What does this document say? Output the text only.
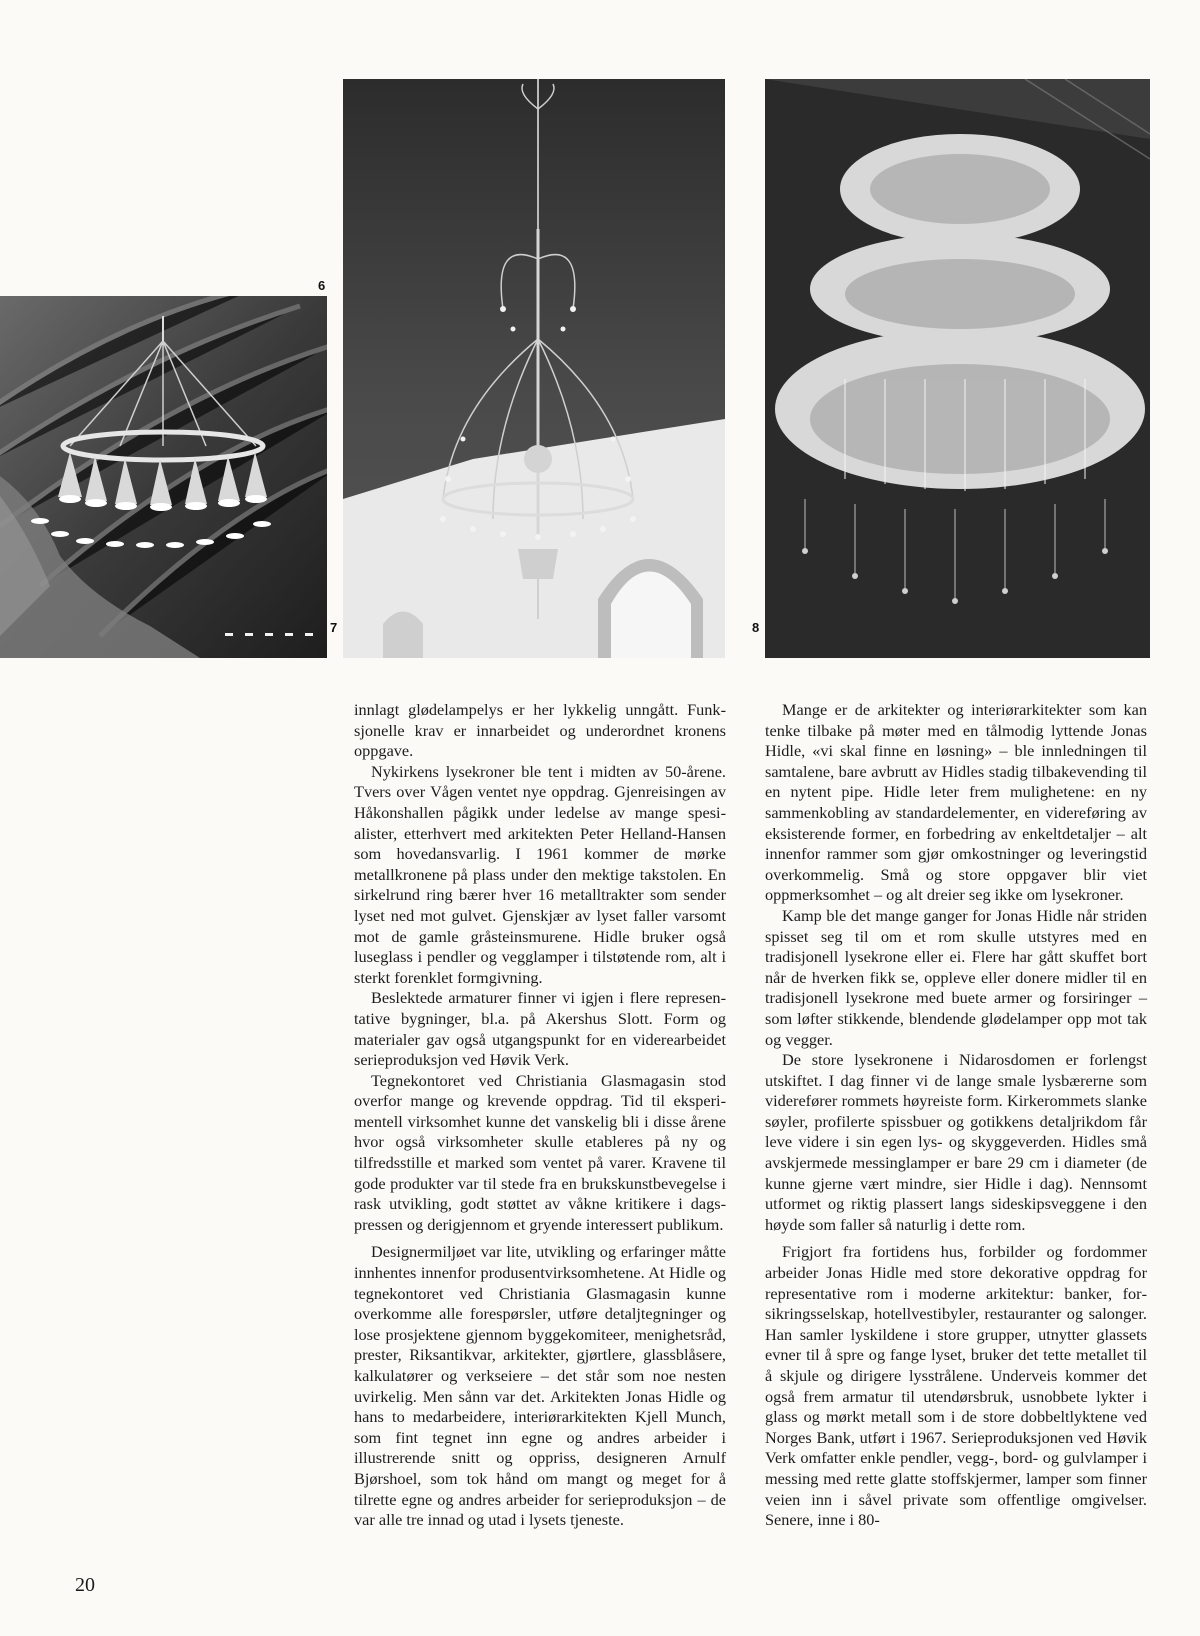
6
7	8

innlagt glødelampelys er her lykkelig unngått. Funksjonelle krav er innarbeidet og underordnet kronens oppgave.

Nykirkens lysekroner ble tent i midten av 50-årene. Tvers over Vågen ventet nye oppdrag. Gjenreisingen av Håkonshallen pågikk under ledelse av mange spesialister, etterhvert med arkitekten Peter Helland-Hansen som hovedansvarlig. I 1961 kommer de mørke metallkronene på plass under den mektige takstolen. En sirkelrund ring bærer hver 16 metalltrakter som sender lyset ned mot gulvet. Gjenskjær av lyset faller varsomt mot de gamle gråsteinsmurene. Hidle bruker også luseglass i pendler og vegglamper i tilstøtende rom, alt i sterkt forenklet formgivning.

Beslektede armaturer finner vi igjen i flere representative bygninger, bl.a. på Akershus Slott. Form og materialer gav også utgangspunkt for en viderearbeidet serieproduksjon ved Høvik Verk.

Tegnekontoret ved Christiania Glasmagasin stod overfor mange og krevende oppdrag. Tid til eksperimentell virksomhet kunne det vanskelig bli i disse årene hvor også virksomheter skulle etableres på ny og tilfredsstille et marked som ventet på varer. Kravene til gode produkter var til stede fra en brukskunstbevegelse i rask utvikling, godt støttet av våkne kritikere i dagspressen og derigjennom et gryende interessert publikum.

Designermiljøet var lite, utvikling og erfaringer måtte innhentes innenfor produsentvirksomhetene. At Hidle og tegnekontoret ved Christiania Glasmagasin kunne overkomme alle forespørsler, utføre detaljtegninger og lose prosjektene gjennom byggekomiteer, menighetsråd, prester, Riksantikvar, arkitekter, gjørtlere, glassblåsere, kalkulatører og verkseiere – det står som noe nesten uvirkelig. Men sånn var det. Arkitekten Jonas Hidle og hans to medarbeidere, interiørarkitekten Kjell Munch, som fint tegnet inn egne og andres arbeider i illustrerende snitt og oppriss, designeren Arnulf Bjørshoel, som tok hånd om mangt og meget for å tilrette egne og andres arbeider for serieproduksjon – de var alle tre innad og utad i lysets tjeneste.

Mange er de arkitekter og interiørarkitekter som kan tenke tilbake på møter med en tålmodig lyttende Jonas Hidle, «vi skal finne en løsning» – ble innledningen til samtalene, bare avbrutt av Hidles stadig tilbakevending til en nytent pipe. Hidle leter frem mulighetene: en ny sammenkobling av standardelementer, en videreføring av eksisterende former, en forbedring av enkeltdetaljer – alt innenfor rammer som gjør omkostninger og leveringstid overkommelig. Små og store oppgaver blir viet oppmerksomhet – og alt dreier seg ikke om lysekroner.

Kamp ble det mange ganger for Jonas Hidle når striden spisset seg til om et rom skulle utstyres med en tradisjonell lysekrone eller ei. Flere har gått skuffet bort når de hverken fikk se, oppleve eller donere midler til en tradisjonell lysekrone med buete armer og forsiringer – som løfter stikkende, blendende glødelamper opp mot tak og vegger.

De store lysekronene i Nidarosdomen er forlengst utskiftet. I dag finner vi de lange smale lysbærerne som viderefører rommets høyreiste form. Kirkerommets slanke søyler, profilerte spissbuer og gotikkens detaljrikdom får leve videre i sin egen lys- og skyggeverden. Hidles små avskjermede messinglamper er bare 29 cm i diameter (de kunne gjerne vært mindre, sier Hidle i dag). Nennsomt utformet og riktig plassert langs sideskipsveggene i den høyde som faller så naturlig i dette rom.

Frigjort fra fortidens hus, forbilder og fordommer arbeider Jonas Hidle med store dekorative oppdrag for representative rom i moderne arkitektur: banker, forsikringsselskap, hotellvestibyler, restauranter og salonger. Han samler lyskildene i store grupper, utnytter glassets evner til å spre og fange lyset, bruker det tette metallet til å skjule og dirigere lysstrålene. Underveis kommer det også frem armatur til utendørsbruk, usnobbete lykter i glass og mørkt metall som i de store dobbeltlyktene ved Norges Bank, utført i 1967. Serieproduksjonen ved Høvik Verk omfatter enkle pendler, vegg-, bord- og gulvlamper i messing med rette glatte stoffskjermer, lamper som finner veien inn i såvel private som offentlige omgivelser. Senere, inne i 80-

20
